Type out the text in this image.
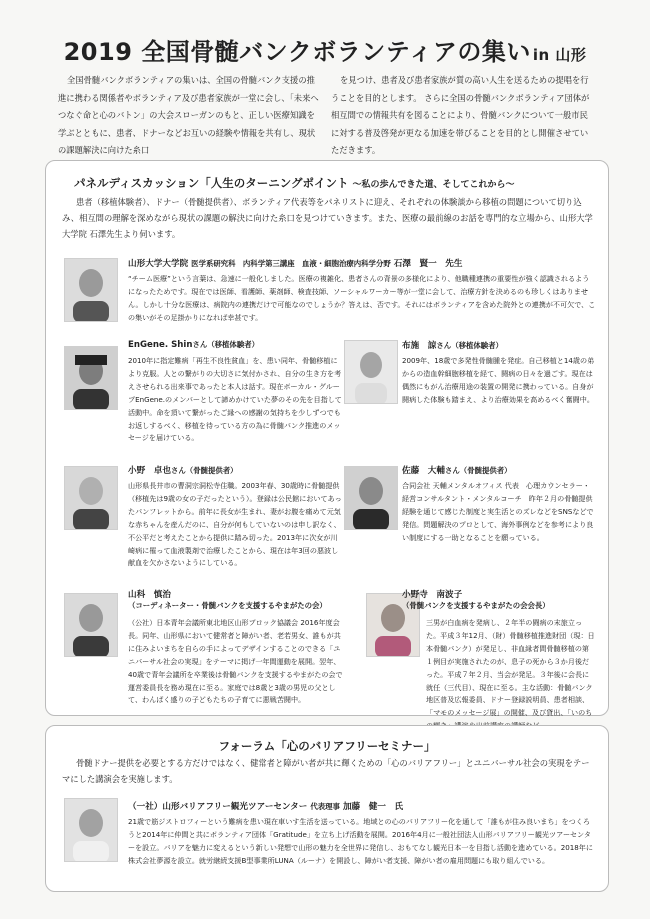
2019 全国骨髄バンクボランティアの集い in 山形
全国骨髄バンクボランティアの集いは、全国の骨髄バンク支援の推進に携わる関係者やボランティア及び患者家族が一堂に会し、「未来へつなぐ命と心のバトン」の大会スローガンのもと、正しい医療知識を学ぶとともに、患者、ドナーなどお互いの経験や情報を共有し、現状の課題解決に向けた糸口
を見つけ、患者及び患者家族が質の高い人生を送るための提唱を行うことを目的とします。 さらに全国の骨髄バンクボランティア団体が相互間での情報共有を図ることにより、骨髄バンクについて一般市民に対する普及啓発が更なる加速を帯びることを目的とし開催させていただきます。
パネルディスカッション「人生のターニングポイント ～私の歩んできた道、そしてこれから～
患者（移植体験者）、ドナー（骨髄提供者）、ボランティア代表等をパネリストに迎え、それぞれの体験談から移植の問題について切り込み、相互間の理解を深めながら現状の課題の解決に向けた糸口を見つけていきます。また、医療の最前線のお話を専門的な立場から、山形大学大学院 石澤先生より伺います。
山形大学大学院 医学系研究科　内科学第三講座　血液・細胞治療内科学分野 石澤　賢一　先生
“チーム医療”という言葉は、急速に一般化しました。医療の複雑化、患者さんの背景の多様化により、他職種連携の重要性が強く認識されるようになったためです。現在では医師、看護師、薬剤師、検査技師、ソーシャルワーカー等が一堂に会して、治療方針を決めるのも珍しくはありません。しかし十分な医療は、病院内の連携だけで可能なのでしょうか？答えは、否です。それにはボランティアを含めた院外との連携が不可欠で、この集いがその足掛かりになれば幸甚です。
EnGene. Shinさん（移植体験者）
2010年に指定難病「再生不良性貧血」を、患い同年、骨髄移植により克服。人との繋がりの大切さに気付かされ、自分の生き方を考えさせられる出来事であったと本人は話す。現在ボーカル・グループEnGene.のメンバーとして諦めかけていた夢のその先を目指して活動中。命を頂いて繋がったご縁への感謝の気持ちを少しずつでもお返しするべく、移植を待っている方の為に骨髄バンク推進のメッセージを届けている。
布施　諒さん（移植体験者）
2009年、18歳で多発性骨髄腫を発症。自己移植と14歳の弟からの造血幹細胞移植を経て、闘病の日々を過ごす。現在は偶然にもがん治療用途の装置の開発に携わっている。自身が闘病した体験も踏まえ、より治療効果を高めるべく奮闘中。
小野　卓也さん（骨髄提供者）
山形県長井市の曹洞宗洞松寺住職。2003年春、30歳時に骨髄提供（移植先は9歳の女の子だったという）。登録は公民館においてあったパンフレットから。前年に長女が生まれ、妻がお腹を痛めて元気な赤ちゃんを産んだのに、自分が何もしていないのは申し訳なく、不公平だと考えたことから提供に踏み切った。2013年に次女が川崎病に罹って血液製剤で治療したことから、現在は年3回の悪波し献血を欠かさないようにしている。
佐藤　大輔さん（骨髄提供者）
合同会社 天輔メンタルオフィス 代表　心理カウンセラー・経営コンサルタント・メンタルコーチ　昨年２月の骨髄提供経験を通じて感じた制度と実生活とのズレなどをSNSなどで発信。問題解決のプロとして、海外事例などを参考により良い制度にする一助となることを願っている。
山科　慎治
（コーディネーター・骨髄バンクを支援するやまがたの会）
（公社）日本青年会議所東北地区山形ブロック協議会 2016年度会長。同年、山形県において健常者と障がい者、老若男女、誰もが共に住みよいまちを自らの手によってデザインすることのできる「ユニバーサル社会の実現」をテーマに掲げ一年間運動を展開。翌年、40歳で青年会議所を卒業後は骨髄バンクを支援するやまがたの会で運営委員長を務め現在に至る。家庭では8歳と3歳の男児の父として、わんぱく盛りの子どもたちの子育てに悪戦苦闘中。
小野寺　南波子
（骨髄バンクを支援するやまがたの会会長）
三男が白血病を発病し、２年半の闘病の末旅立った。平成３年12月、（財）骨髄移植推進財団（現：日本骨髄バンク）が発足し、非血縁者間骨髄移植の第１例目が実施されたのが、息子の死から３か月後だった。平成７年２月、当会が発足。３年後に会長に就任（三代目）、現在に至る。主な活動：骨髄バンク地区普及広報委員、ドナー登録説明員、患者相談、「マモのメッセージ展」の開催、及び貸出、「いのち
フォーラム「心のバリアフリーセミナー」
骨髄ドナー提供を必要とする方だけではなく、健常者と障がい者が共に輝くための「心のバリアフリー」とユニバーサル社会の実現をテーマにした講演会を実施します。
（一社）山形バリアフリー観光ツアーセンター 代表理事 加藤　健一　氏
21歳で筋ジストロフィーという難病を患い現在車いす生活を送っている。地域との心のバリアフリー化を通して「誰もが住み良いまち」をつくろうと2014年に仲間と共にボランティア団体「Gratitude」を立ち上げ活動を展開。2016年4月に一般社団法人山形バリアフリー観光ツアーセンターを設立。バリアを魅力に変えるという新しい発想で山形の魅力を全世界に発信し、おもてなし観光日本一を目指し活動を進めている。2018年に株式会社夢源を設立。就労継続支援B型事業所LUNA（ルーナ）を開設し、障がい者支援、障がい者の雇用問題にも取り組んでいる。
